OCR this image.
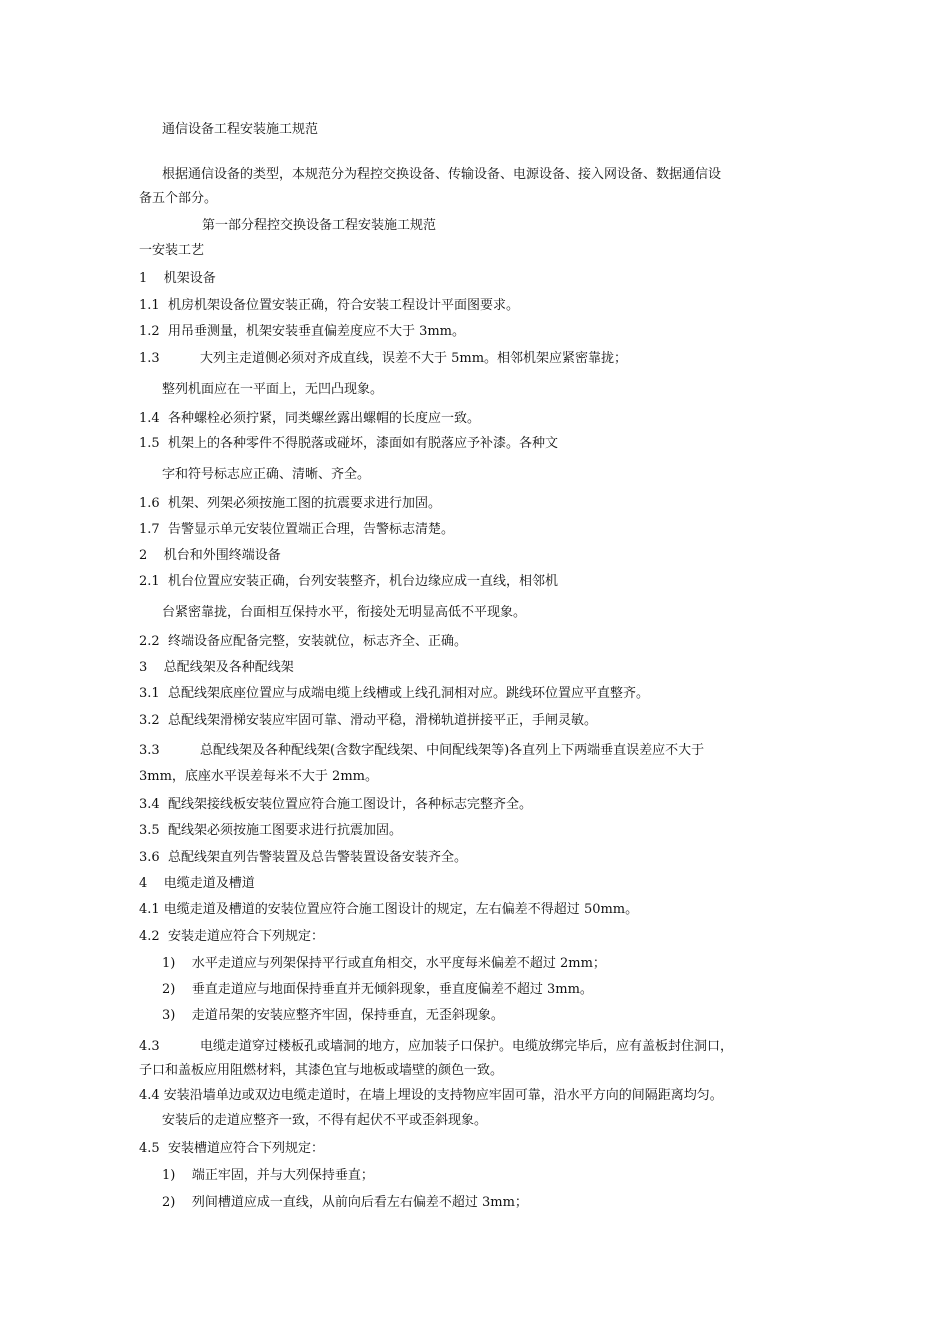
通信设备工程安装施工规范
根据通信设备的类型，本规范分为程控交换设备、传输设备、电源设备、接入网设备、数据通信设
备五个部分。
第一部分程控交换设备工程安装施工规范
一安装工艺
1    机架设备
1.1  机房机架设备位置安装正确，符合安装工程设计平面图要求。
1.2  用吊垂测量，机架安装垂直偏差度应不大于 3mm。
1.3	大列主走道侧必须对齐成直线，误差不大于 5mm。相邻机架应紧密靠拢；
整列机面应在一平面上，无凹凸现象。
1.4  各种螺栓必须拧紧，同类螺丝露出螺帽的长度应一致。
1.5  机架上的各种零件不得脱落或碰坏，漆面如有脱落应予补漆。各种文
字和符号标志应正确、清晰、齐全。
1.6  机架、列架必须按施工图的抗震要求进行加固。
1.7  告警显示单元安装位置端正合理，告警标志清楚。
2    机台和外围终端设备
2.1  机台位置应安装正确，台列安装整齐，机台边缘应成一直线，相邻机
台紧密靠拢，台面相互保持水平，衔接处无明显高低不平现象。
2.2  终端设备应配备完整，安装就位，标志齐全、正确。
3    总配线架及各种配线架
3.1  总配线架底座位置应与成端电缆上线槽或上线孔洞相对应。跳线环位置应平直整齐。
3.2  总配线架滑梯安装应牢固可靠、滑动平稳，滑梯轨道拼接平正，手闸灵敏。
3.3	总配线架及各种配线架(含数字配线架、中间配线架等)各直列上下两端垂直误差应不大于
3mm，底座水平误差每米不大于 2mm。
3.4  配线架接线板安装位置应符合施工图设计，各种标志完整齐全。
3.5  配线架必须按施工图要求进行抗震加固。
3.6  总配线架直列告警装置及总告警装置设备安装齐全。
4    电缆走道及槽道
4.1 电缆走道及槽道的安装位置应符合施工图设计的规定，左右偏差不得超过 50mm。
4.2  安装走道应符合下列规定：
1)    水平走道应与列架保持平行或直角相交，水平度每米偏差不超过 2mm；
2)    垂直走道应与地面保持垂直并无倾斜现象，垂直度偏差不超过 3mm。
3)    走道吊架的安装应整齐牢固，保持垂直，无歪斜现象。
4.3	电缆走道穿过楼板孔或墙洞的地方，应加装子口保护。电缆放绑完毕后，应有盖板封住洞口，
子口和盖板应用阻燃材料，其漆色宜与地板或墙壁的颜色一致。
4.4 安装沿墙单边或双边电缆走道时，在墙上埋设的支持物应牢固可靠，沿水平方向的间隔距离均匀。
安装后的走道应整齐一致，不得有起伏不平或歪斜现象。
4.5  安装槽道应符合下列规定：
1)    端正牢固，并与大列保持垂直；
2)    列间槽道应成一直线，从前向后看左右偏差不超过 3mm；
